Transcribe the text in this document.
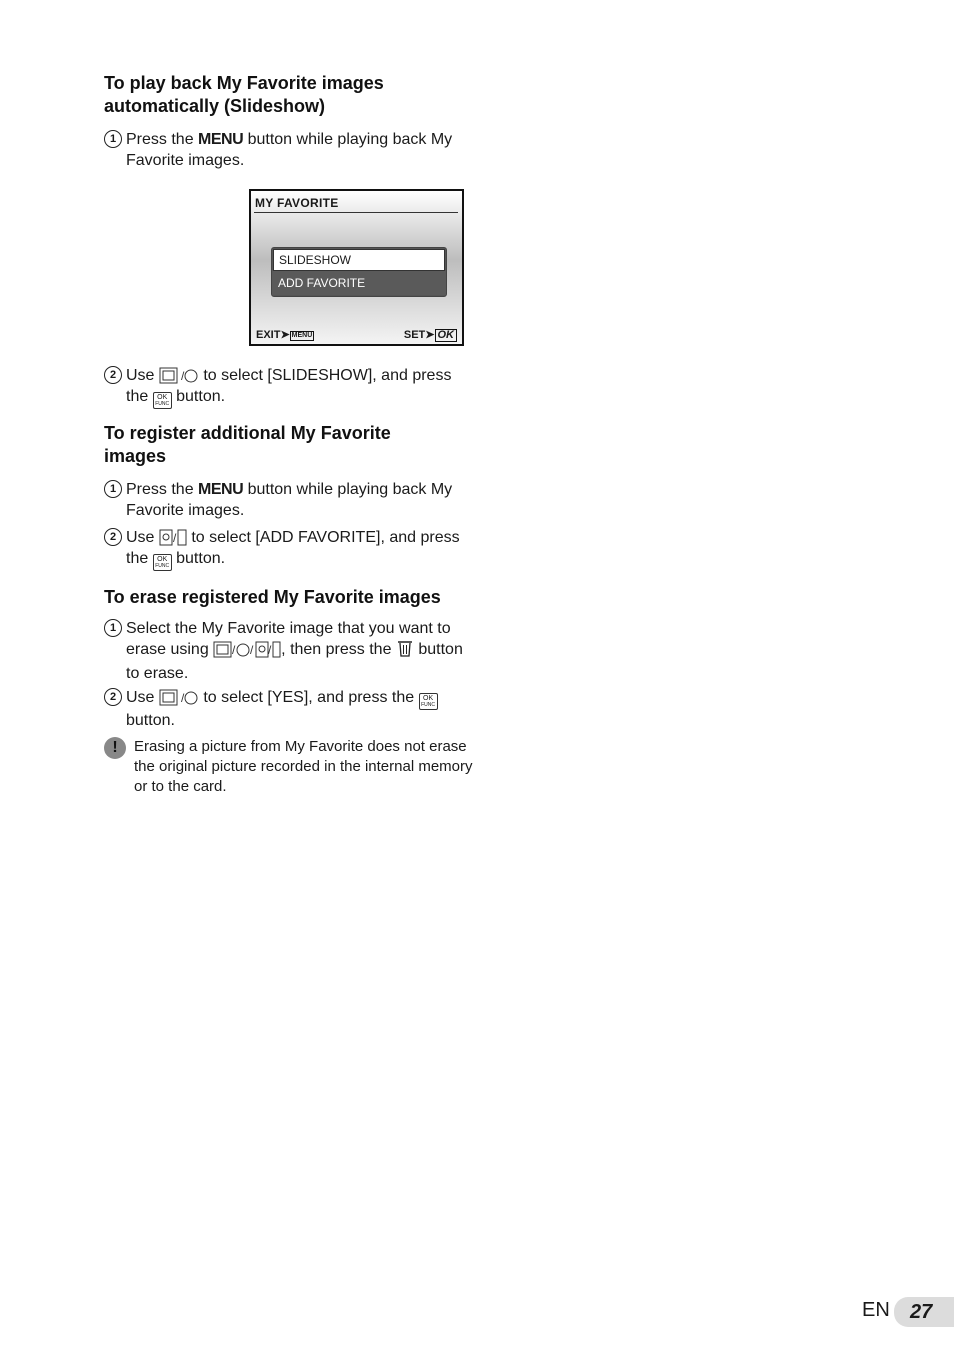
To play back My Favorite images
automatically (Slideshow)
1 Press the MENU button while playing back My Favorite images.
MY FAVORITE
SLIDESHOW
ADD FAVORITE
EXIT➤ MENU	SET➤ OK
2 Use / to select [SLIDESHOW], and press the OK
FUNC button.
To register additional My Favorite
images
1 Press the MENU button while playing back My Favorite images.
2 Use / to select [ADD FAVORITE], and press the OK
FUNC button.
To erase registered My Favorite images
1 Select the My Favorite image that you want to erase using / / / , then press the  button to erase.
2 Use / to select [YES], and press the OK
FUNC
button.
!	Erasing a picture from My Favorite does not erase the original picture recorded in the internal memory or to the card.
EN	27
